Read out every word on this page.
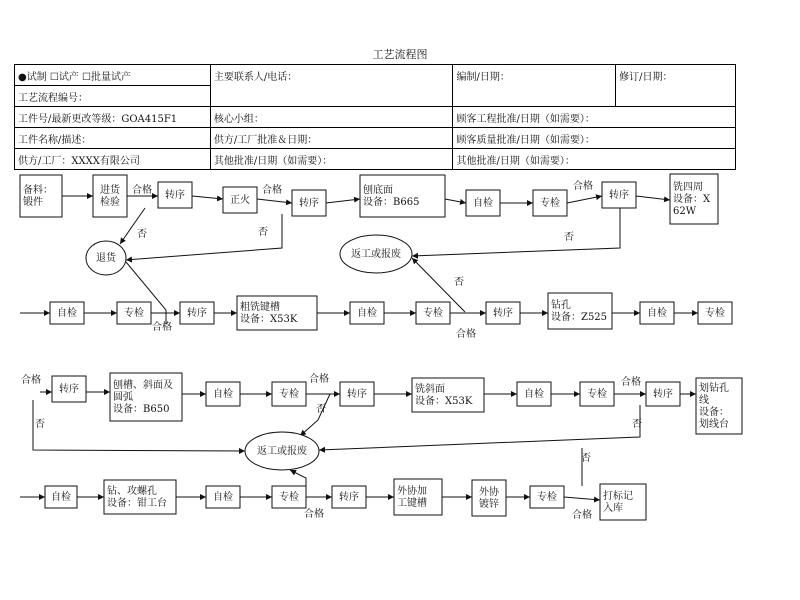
工艺流程图
●试制 ☐试产 ☐批量试产	主要联系人/电话：	编制/日期：	修订/日期：
工艺流程编号：			
工件号/最新更改等级：GOA415F1	核心小组：	顾客工程批准/日期（如需要）：	
工件名称/描述：	供方/工厂批准＆日期：	顾客质量批准/日期（如需要）：	
供方/工厂：XXXX有限公司	其他批准/日期（如需要）：	其他批准/日期（如需要）：	
备料：
锻件
进货
检验
转序	正火	转序
刨底面
设备：B665	自检	专检
转序
铣四周
设备：X
62W
退货	返工或报废
自检	专检	转序
粗铣键槽
设备：X53K
自检	专检	转序
钻孔
设备：Z525	自检	专检
转序	刨槽、斜面及
圆弧
设备：B650
自检	专检	转序	铣斜面
设备：X53K
自检	专检	转序
划钻孔
线
设备：
划线台
返工或报废
自检
钻、攻螺孔
设备：钳工台
自检	专检	转序
外协加
工键槽
外协
镀锌
专检	打标记
入库
合格
否
合格
否
合格
否
否
合格
合格
合格
否
合格
否
合格
否
否
合格	合格
